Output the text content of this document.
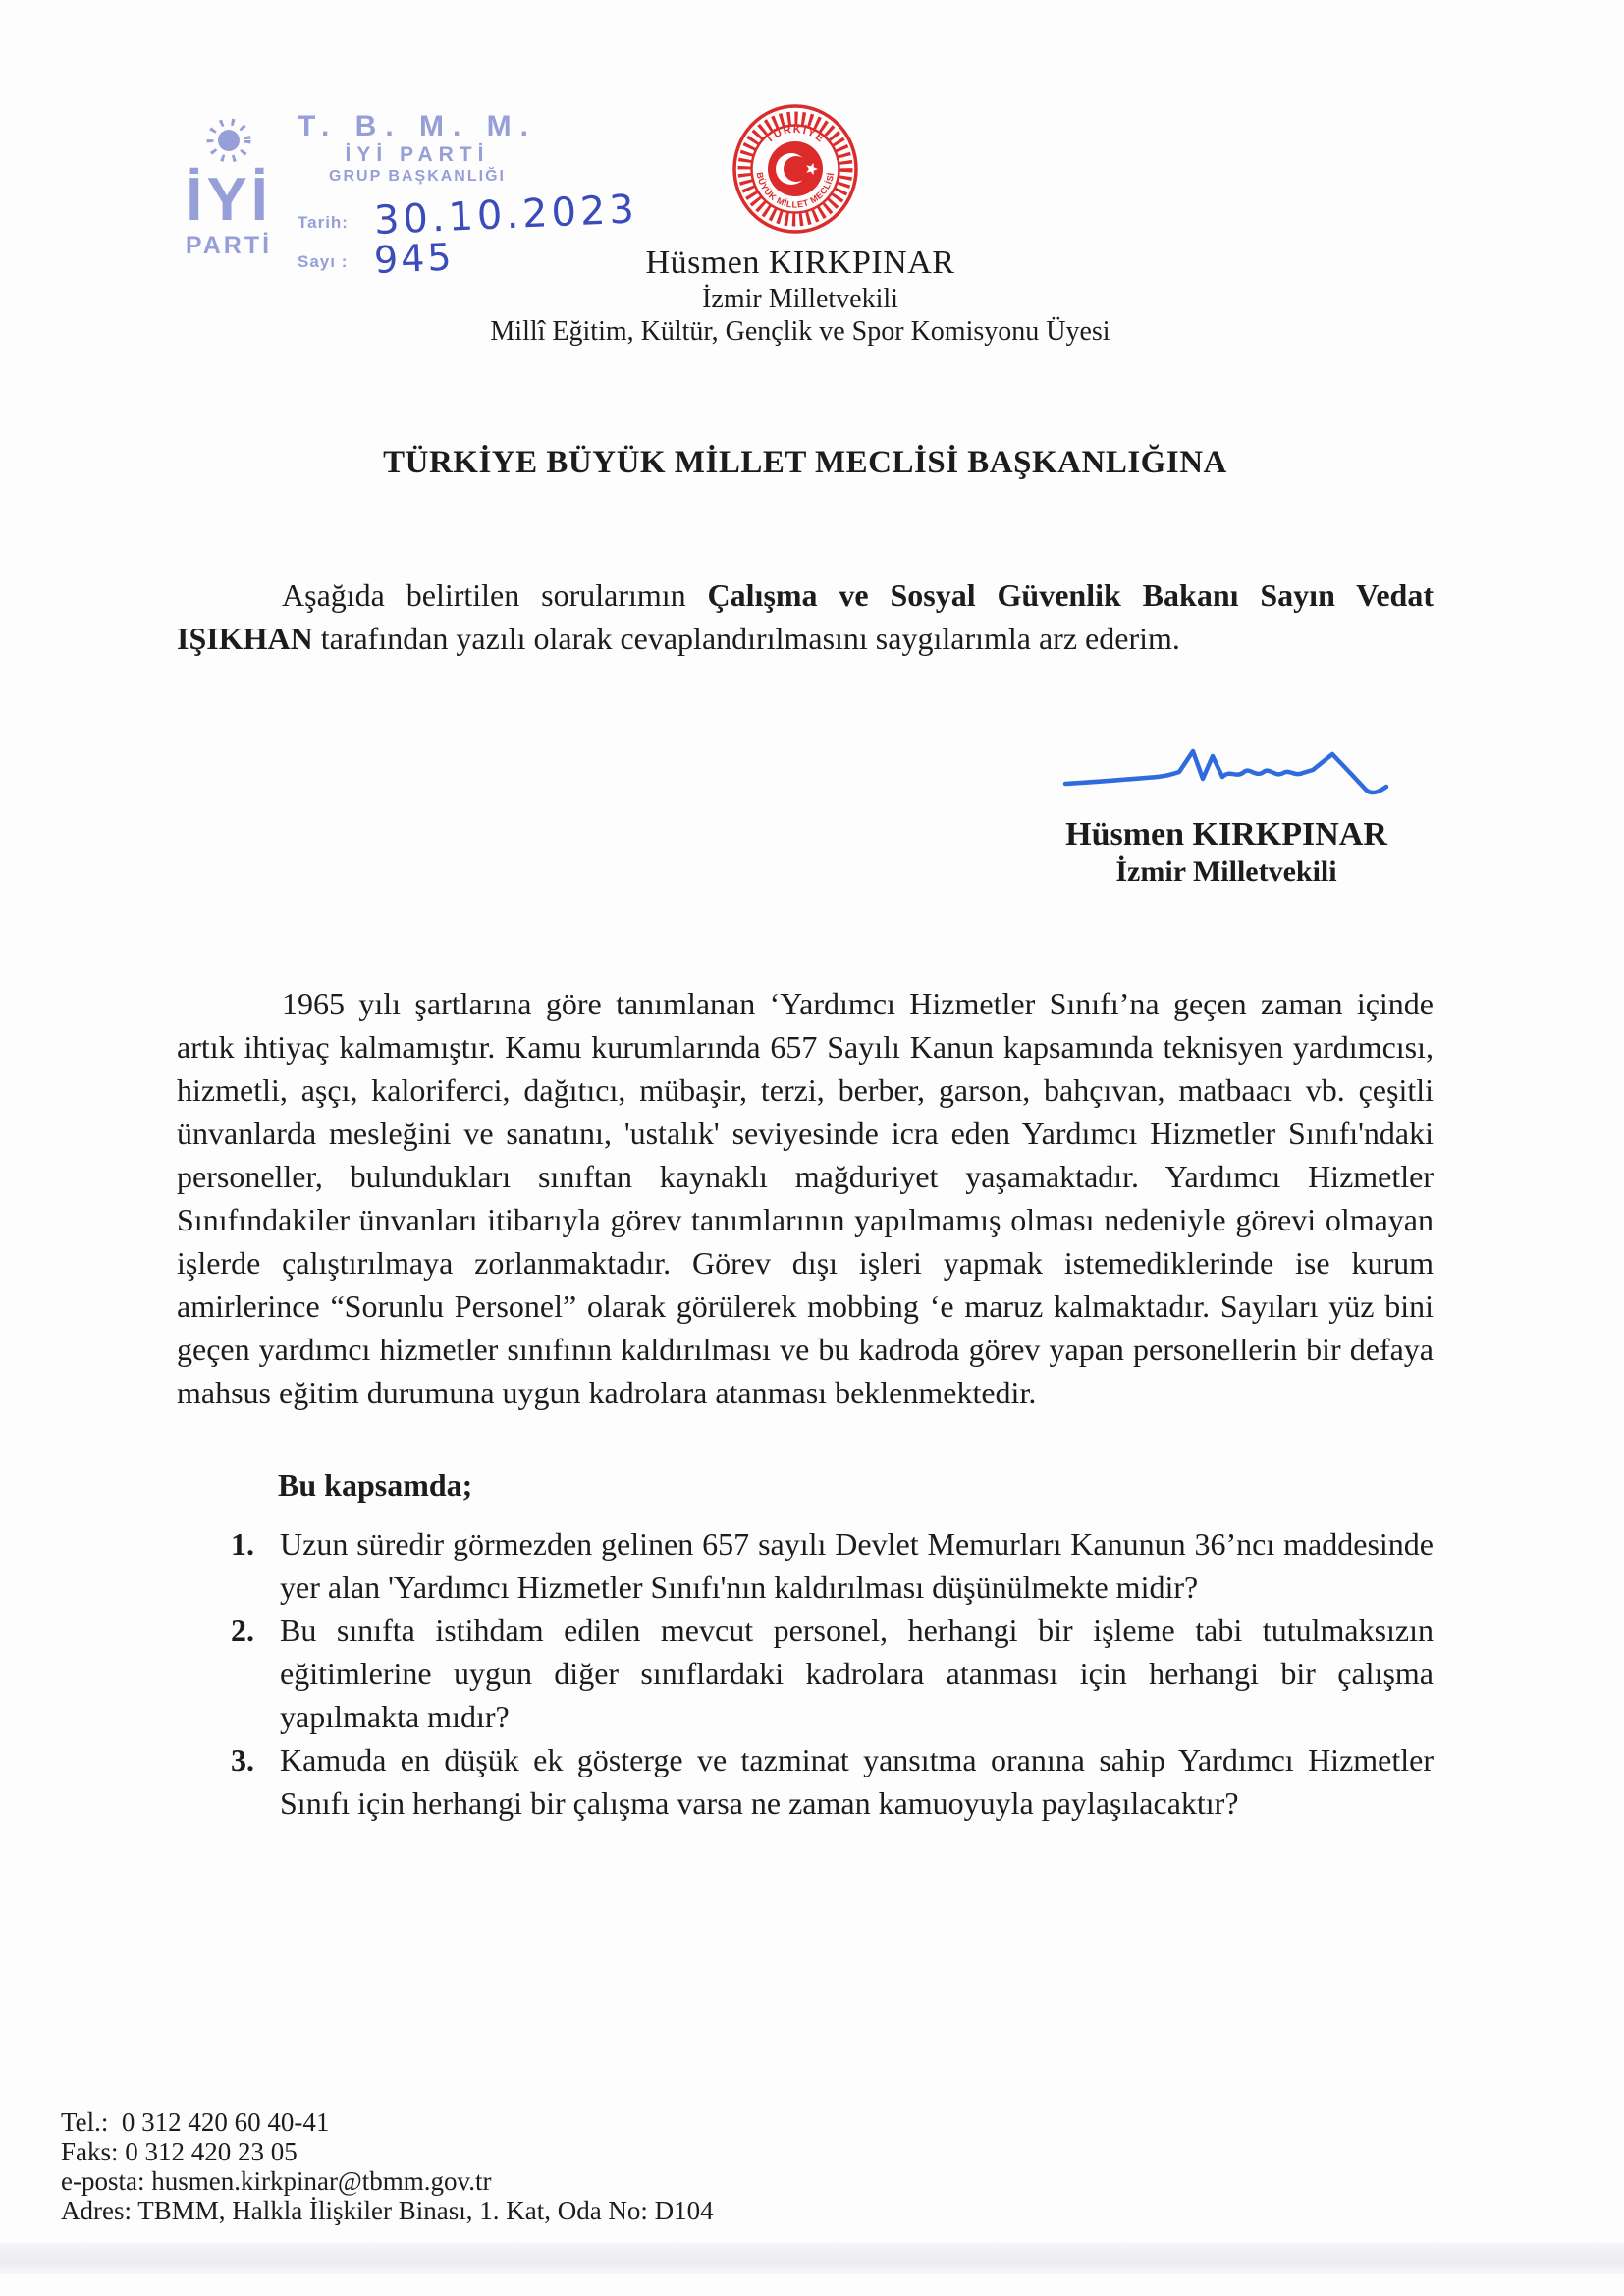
İYİ
PARTİ
T. B. M. M.
İYİ PARTİ
GRUP BAŞKANLIĞI
Tarih: 30.10.2023
Sayı : 945
TÜRKİYE
BÜYÜK MİLLET MECLİSİ
Hüsmen KIRKPINAR
İzmir Milletvekili
Millî Eğitim, Kültür, Gençlik ve Spor Komisyonu Üyesi
TÜRKİYE BÜYÜK MİLLET MECLİSİ BAŞKANLIĞINA

Aşağıda belirtilen sorularımın Çalışma ve Sosyal Güvenlik Bakanı Sayın Vedat IŞIKHAN tarafından yazılı olarak cevaplandırılmasını saygılarımla arz ederim.

Hüsmen KIRKPINAR
İzmir Milletvekili

1965 yılı şartlarına göre tanımlanan ‘Yardımcı Hizmetler Sınıfı’na geçen zaman içinde artık ihtiyaç kalmamıştır. Kamu kurumlarında 657 Sayılı Kanun kapsamında teknisyen yardımcısı, hizmetli, aşçı, kaloriferci, dağıtıcı, mübaşir, terzi, berber, garson, bahçıvan, matbaacı vb. çeşitli ünvanlarda mesleğini ve sanatını, 'ustalık' seviyesinde icra eden Yardımcı Hizmetler Sınıfı'ndaki personeller, bulundukları sınıftan kaynaklı mağduriyet yaşamaktadır. Yardımcı Hizmetler Sınıfındakiler ünvanları itibarıyla görev tanımlarının yapılmamış olması nedeniyle görevi olmayan işlerde çalıştırılmaya zorlanmaktadır. Görev dışı işleri yapmak istemediklerinde ise kurum amirlerince “Sorunlu Personel” olarak görülerek mobbing ‘e maruz kalmaktadır. Sayıları yüz bini geçen yardımcı hizmetler sınıfının kaldırılması ve bu kadroda görev yapan personellerin bir defaya mahsus eğitim durumuna uygun kadrolara atanması beklenmektedir.

Bu kapsamda;
Uzun süredir görmezden gelinen 657 sayılı Devlet Memurları Kanunun 36’ncı maddesinde yer alan 'Yardımcı Hizmetler Sınıfı'nın kaldırılması düşünülmekte midir?
Bu sınıfta istihdam edilen mevcut personel, herhangi bir işleme tabi tutulmaksızın eğitimlerine uygun diğer sınıflardaki kadrolara atanması için herhangi bir çalışma yapılmakta mıdır?
Kamuda en düşük ek gösterge ve tazminat yansıtma oranına sahip Yardımcı Hizmetler Sınıfı için herhangi bir çalışma varsa ne zaman kamuoyuyla paylaşılacaktır?
Tel.:  0 312 420 60 40-41
Faks: 0 312 420 23 05
e-posta: husmen.kirkpinar@tbmm.gov.tr
Adres: TBMM, Halkla İlişkiler Binası, 1. Kat, Oda No: D104
